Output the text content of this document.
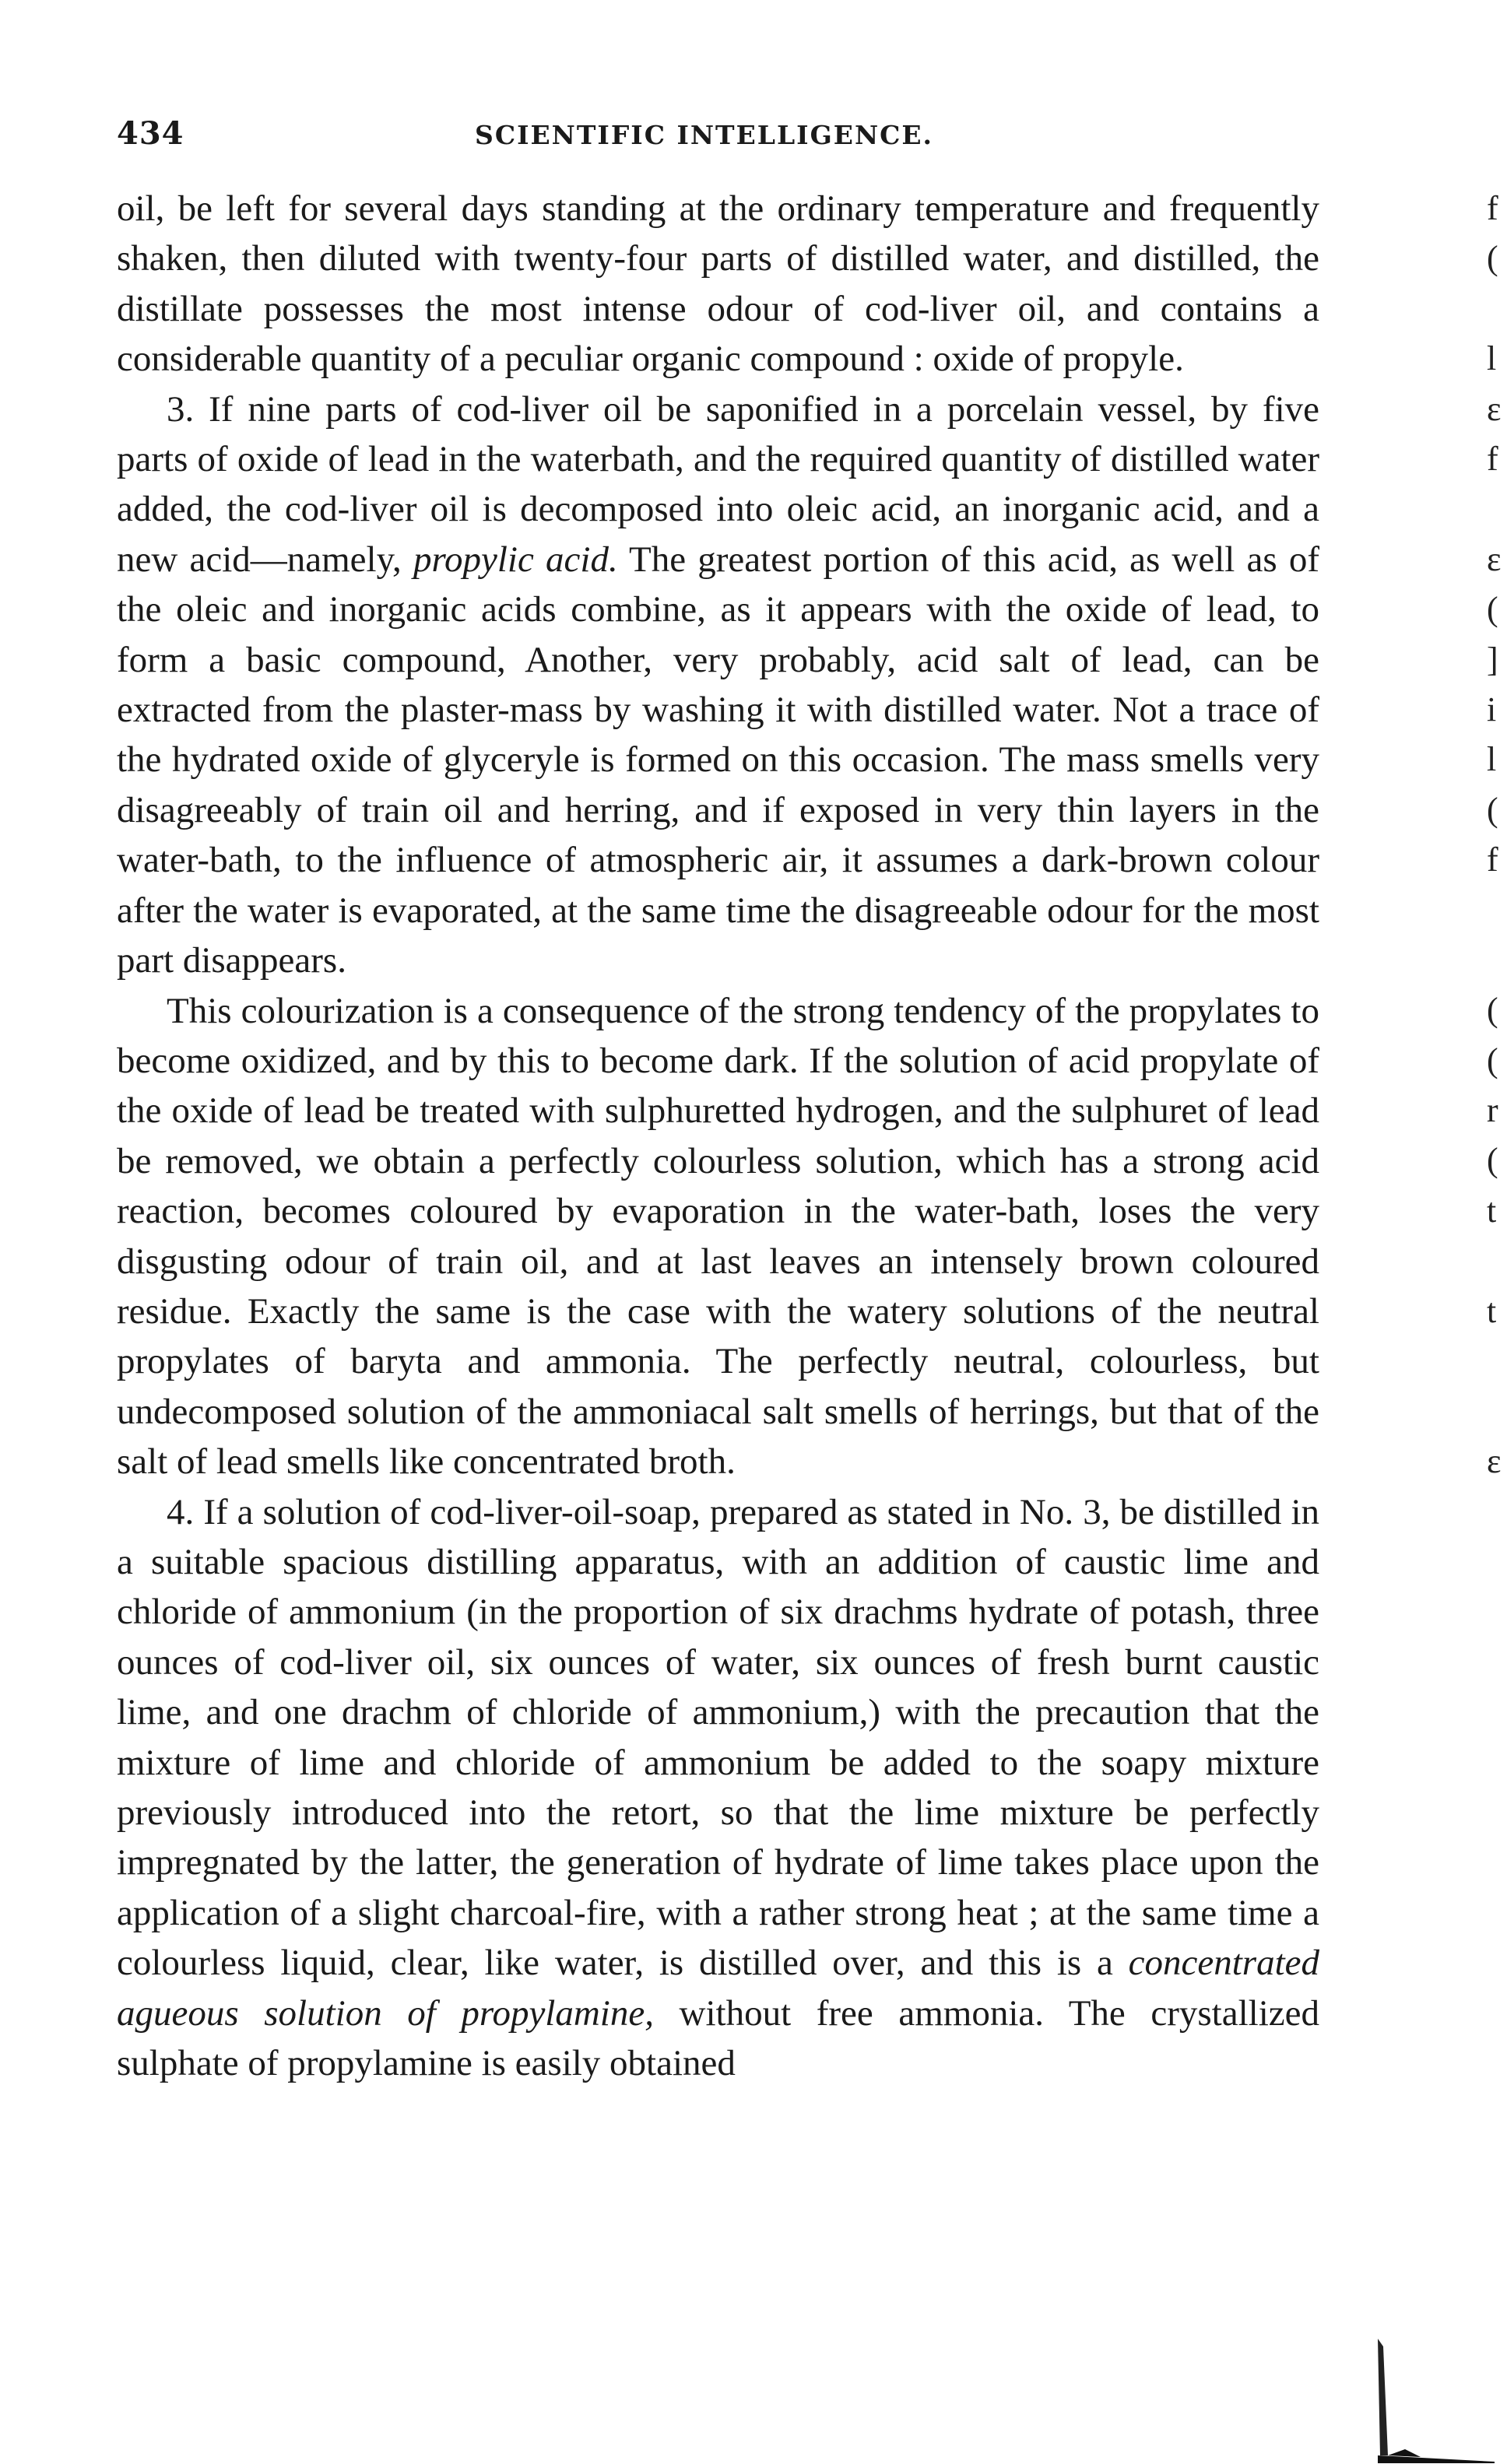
434	SCIENTIFIC INTELLIGENCE.

oil, be left for several days standing at the ordinary temperature and frequently shaken, then diluted with twenty-four parts of distilled water, and distilled, the distillate possesses the most intense odour of cod-liver oil, and contains a considerable quantity of a peculiar organic compound : oxide of propyle.

3. If nine parts of cod-liver oil be saponified in a porcelain vessel, by five parts of oxide of lead in the waterbath, and the required quantity of distilled water added, the cod-liver oil is decomposed into oleic acid, an inorganic acid, and a new acid—namely, propylic acid. The greatest portion of this acid, as well as of the oleic and inorganic acids combine, as it appears with the oxide of lead, to form a basic compound, Another, very probably, acid salt of lead, can be extracted from the plaster-mass by washing it with distilled water. Not a trace of the hydrated oxide of glyceryle is formed on this occasion. The mass smells very disagreeably of train oil and herring, and if exposed in very thin layers in the water-bath, to the influence of atmospheric air, it assumes a dark-brown colour after the water is evaporated, at the same time the disagreeable odour for the most part disappears.

This colourization is a consequence of the strong tendency of the propylates to become oxidized, and by this to become dark. If the solution of acid propylate of the oxide of lead be treated with sulphuretted hydrogen, and the sulphuret of lead be removed, we obtain a perfectly colourless solution, which has a strong acid reaction, becomes coloured by evaporation in the water-bath, loses the very disgusting odour of train oil, and at last leaves an intensely brown coloured residue. Exactly the same is the case with the watery solutions of the neutral propylates of baryta and ammonia. The perfectly neutral, colourless, but undecomposed solution of the ammoniacal salt smells of herrings, but that of the salt of lead smells like concentrated broth.

4. If a solution of cod-liver-oil-soap, prepared as stated in No. 3, be distilled in a suitable spacious distilling apparatus, with an addition of caustic lime and chloride of ammonium (in the proportion of six drachms hydrate of potash, three ounces of cod-liver oil, six ounces of water, six ounces of fresh burnt caustic lime, and one drachm of chloride of ammonium,) with the precaution that the mixture of lime and chloride of ammonium be added to the soapy mixture previously introduced into the retort, so that the lime mixture be perfectly impregnated by the latter, the generation of hydrate of lime takes place upon the application of a slight charcoal-fire, with a rather strong heat ; at the same time a colourless liquid, clear, like water, is distilled over, and this is a concentrated agueous solution of propylamine, without free ammonia. The crystallized sulphate of propylamine is easily obtained

f
(
l
ε
f
ε
(
]
i
l
(
f
(
(
r
(
t
t
ε
